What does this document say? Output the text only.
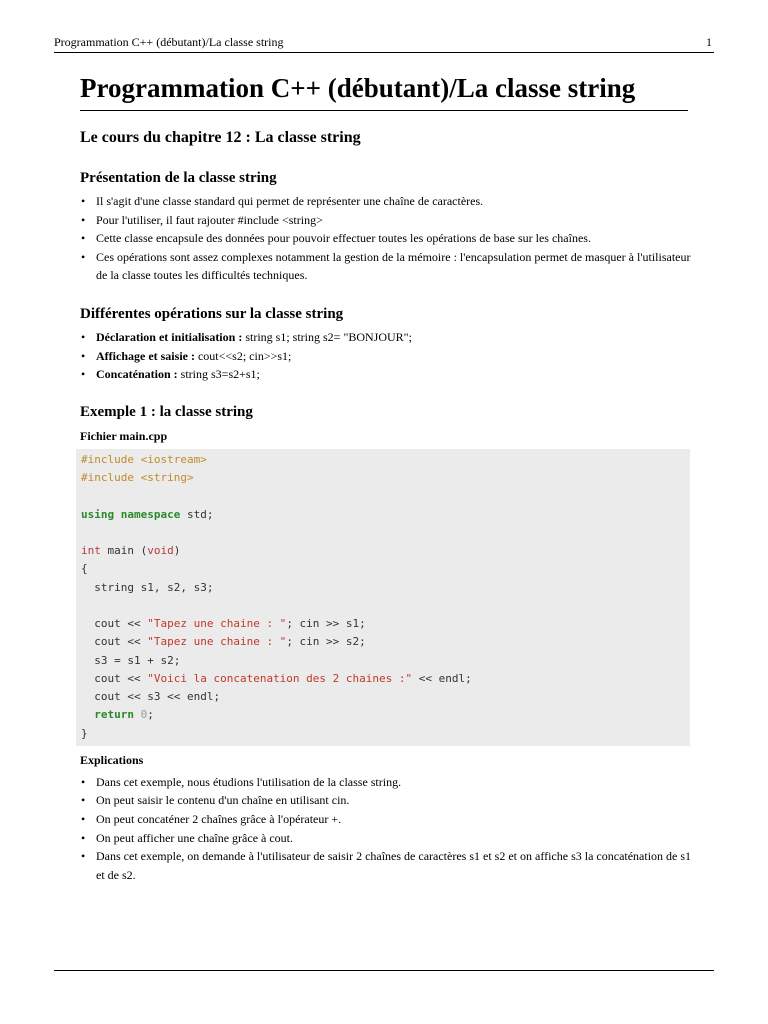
Programmation C++ (débutant)/La classe string	1
Programmation C++ (débutant)/La classe string
Le cours du chapitre 12 : La classe string
Présentation de la classe string
• Il s'agit d'une classe standard qui permet de représenter une chaîne de caractères.
• Pour l'utiliser, il faut rajouter #include <string>
• Cette classe encapsule des données pour pouvoir effectuer toutes les opérations de base sur les chaînes.
• Ces opérations sont assez complexes notamment la gestion de la mémoire : l'encapsulation permet de masquer à l'utilisateur de la classe toutes les difficultés techniques.
Différentes opérations sur la classe string
• Déclaration et initialisation : string s1; string s2= "BONJOUR";
• Affichage et saisie : cout<<s2; cin>>s1;
• Concaténation : string s3=s2+s1;
Exemple 1 : la classe string
Fichier main.cpp
#include <iostream>
#include <string>
using namespace std;
int main (void)
{
string s1, s2, s3;
cout << "Tapez une chaine : "; cin >> s1;
cout << "Tapez une chaine : "; cin >> s2;
s3 = s1 + s2;
cout << "Voici la concatenation des 2 chaines :" << endl;
cout << s3 << endl;
return 0;
}
Explications
• Dans cet exemple, nous étudions l'utilisation de la classe string.
• On peut saisir le contenu d'un chaîne en utilisant cin.
• On peut concaténer 2 chaînes grâce à l'opérateur +.
• On peut afficher une chaîne grâce à cout.
• Dans cet exemple, on demande à l'utilisateur de saisir 2 chaînes de caractères s1 et s2 et on affiche s3 la concaténation de s1 et de s2.
